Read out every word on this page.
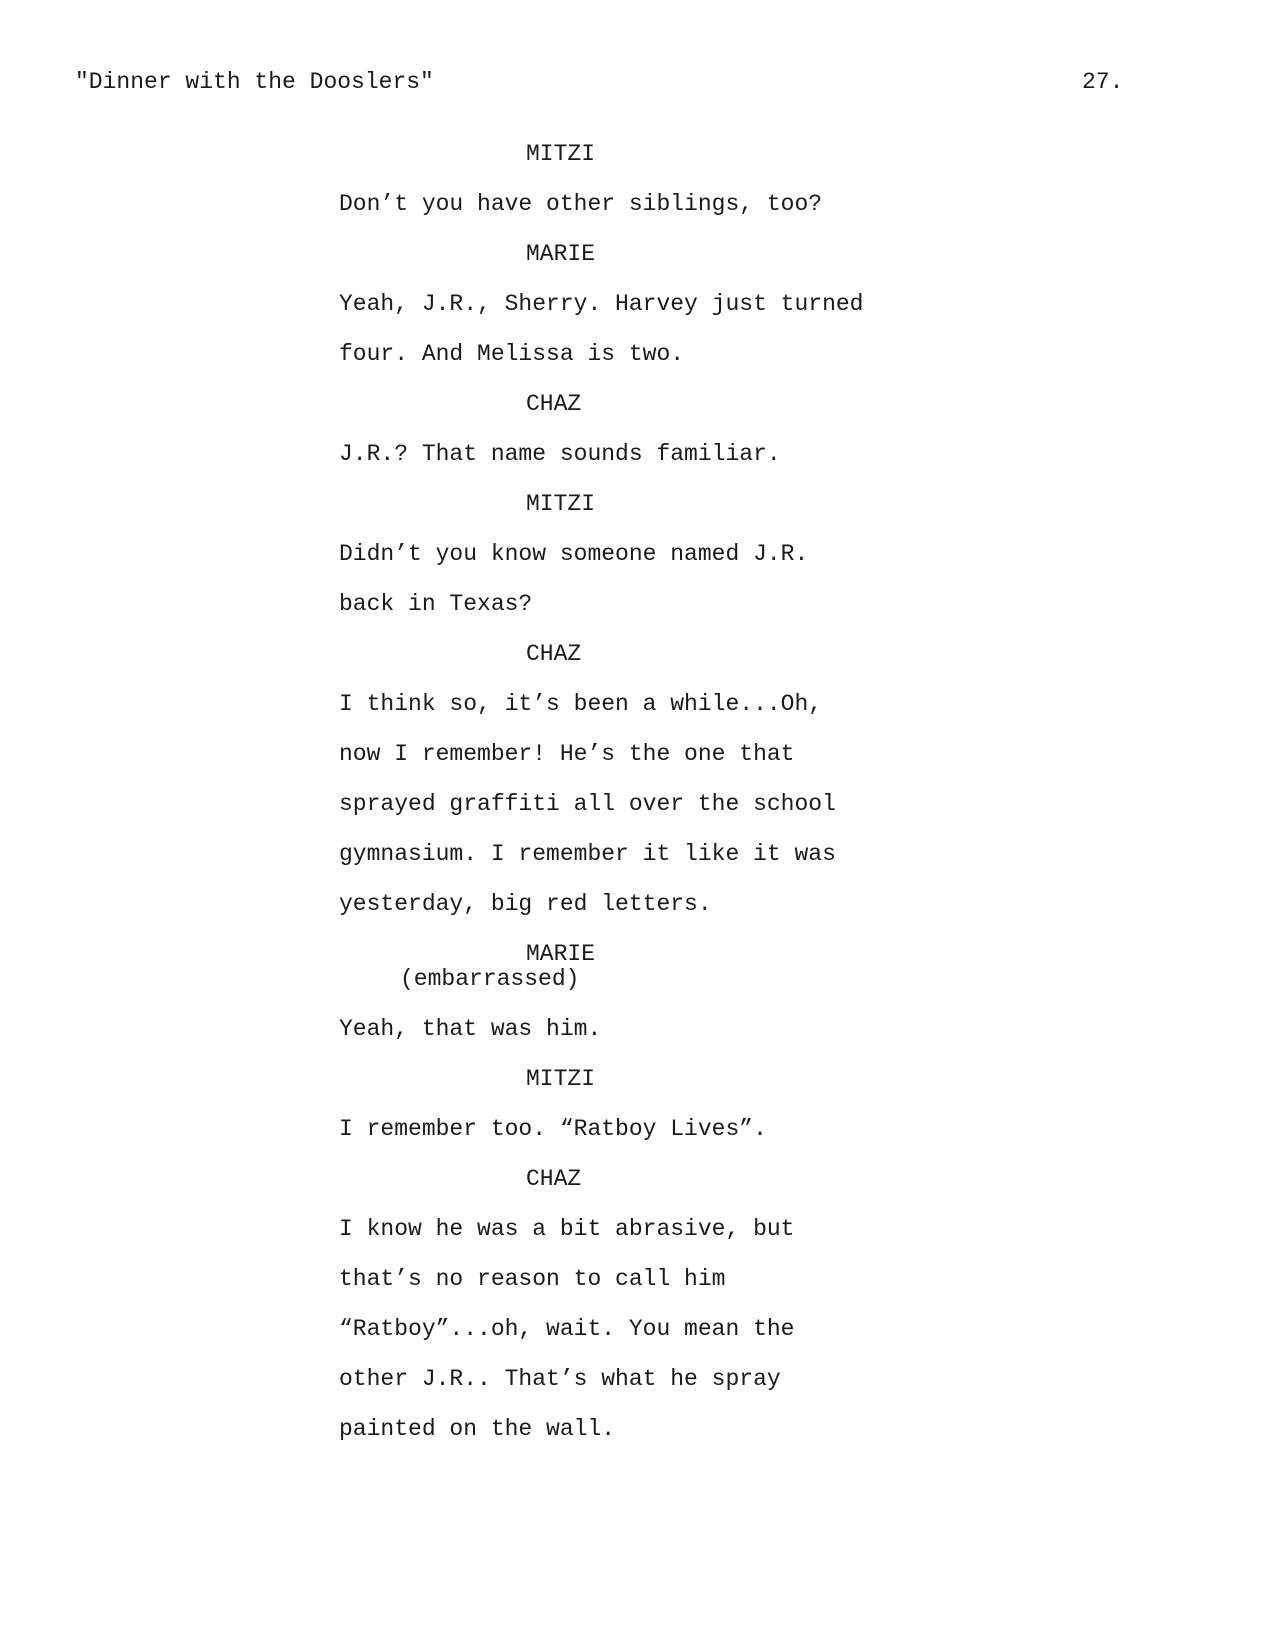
"Dinner with the Dooslers"	27.
MITZI
Don’t you have other siblings, too?
MARIE
Yeah, J.R., Sherry. Harvey just turned
four. And Melissa is two.
CHAZ
J.R.? That name sounds familiar.
MITZI
Didn’t you know someone named J.R.
back in Texas?
CHAZ
I think so, it’s been a while...Oh,
now I remember! He’s the one that
sprayed graffiti all over the school
gymnasium. I remember it like it was
yesterday, big red letters.
MARIE
(embarrassed)
Yeah, that was him.
MITZI
I remember too. “Ratboy Lives”.
CHAZ
I know he was a bit abrasive, but
that’s no reason to call him
“Ratboy”...oh, wait. You mean the
other J.R.. That’s what he spray
painted on the wall.
